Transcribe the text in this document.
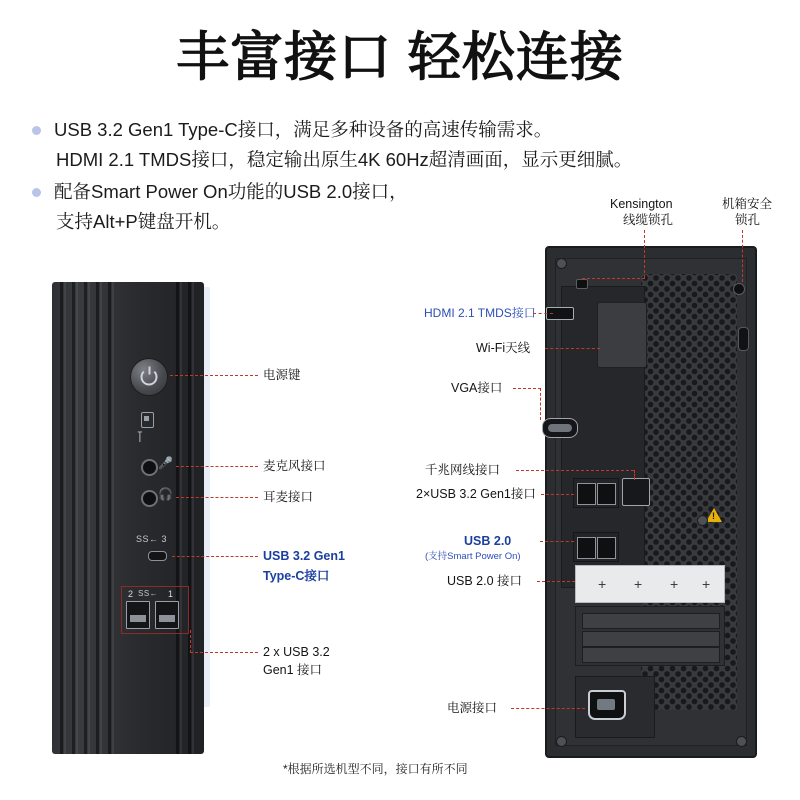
丰富接口 轻松连接
USB 3.2 Gen1 Type-C接口，满足多种设备的高速传输需求。
HDMI 2.1 TMDS接口，稳定输出原生4K 60Hz超清画面，显示更细腻。
配备Smart Power On功能的USB 2.0接口，
支持Alt+P键盘开机。
⊺
🎤
🎧
SS← 3
2 SS← 1
电源键
麦克风接口
耳麦接口
USB 3.2 Gen1
Type-C接口
2 x USB 3.2
Gen1 接口
!
+ + + +
Kensington
线缆锁孔
机箱安全
锁孔
HDMI 2.1 TMDS接口
Wi-Fi天线
VGA接口
千兆网线接口
2×USB 3.2 Gen1接口
USB 2.0
(支持Smart Power On)
USB 2.0 接口
电源接口
*根据所选机型不同，接口有所不同
